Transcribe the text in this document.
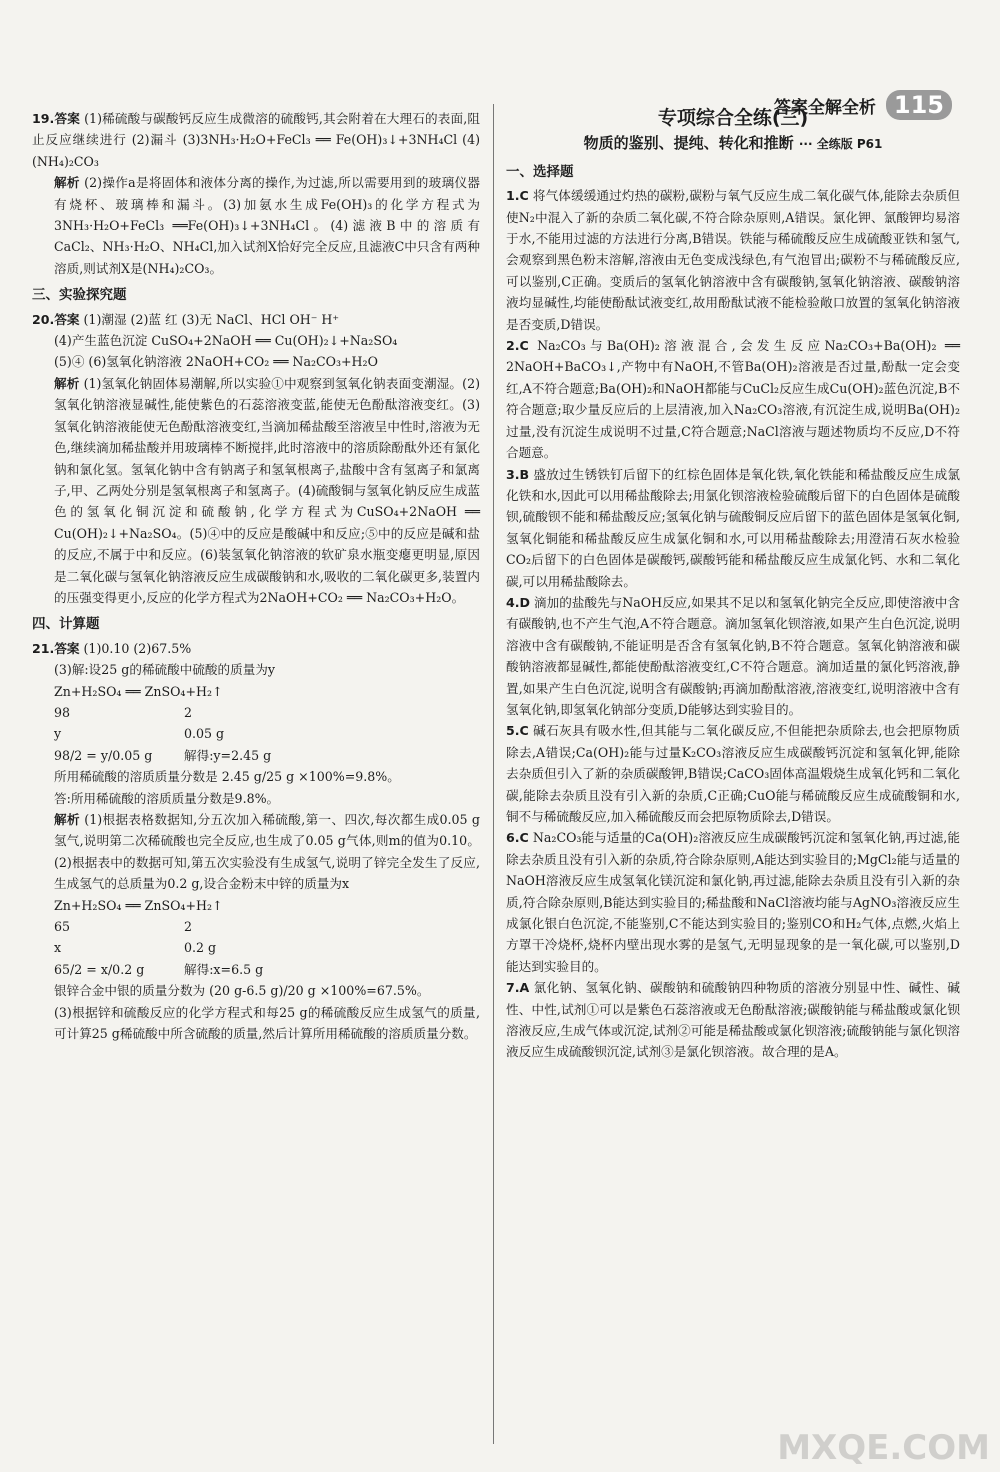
答案全解全析 115

19.答案 (1)稀硫酸与碳酸钙反应生成微溶的硫酸钙,其会附着在大理石的表面,阻止反应继续进行 (2)漏斗 (3)3NH₃·H₂O+FeCl₃ ══ Fe(OH)₃↓+3NH₄Cl (4)(NH₄)₂CO₃

解析 (2)操作a是将固体和液体分离的操作,为过滤,所以需要用到的玻璃仪器有烧杯、玻璃棒和漏斗。(3)加氨水生成Fe(OH)₃的化学方程式为3NH₃·H₂O+FeCl₃ ══Fe(OH)₃↓+3NH₄Cl。(4)滤液B中的溶质有CaCl₂、NH₃·H₂O、NH₄Cl,加入试剂X恰好完全反应,且滤液C中只含有两种溶质,则试剂X是(NH₄)₂CO₃。

三、实验探究题

20.答案 (1)潮湿 (2)蓝 红 (3)无 NaCl、HCl OH⁻ H⁺

(4)产生蓝色沉淀 CuSO₄+2NaOH ══ Cu(OH)₂↓+Na₂SO₄

(5)④ (6)氢氧化钠溶液 2NaOH+CO₂ ══ Na₂CO₃+H₂O

解析 (1)氢氧化钠固体易潮解,所以实验①中观察到氢氧化钠表面变潮湿。(2)氢氧化钠溶液显碱性,能使紫色的石蕊溶液变蓝,能使无色酚酞溶液变红。(3)氢氧化钠溶液能使无色酚酞溶液变红,当滴加稀盐酸至溶液呈中性时,溶液为无色,继续滴加稀盐酸并用玻璃棒不断搅拌,此时溶液中的溶质除酚酞外还有氯化钠和氯化氢。氢氧化钠中含有钠离子和氢氧根离子,盐酸中含有氢离子和氯离子,甲、乙两处分别是氢氧根离子和氢离子。(4)硫酸铜与氢氧化钠反应生成蓝色的氢氧化铜沉淀和硫酸钠,化学方程式为CuSO₄+2NaOH ══ Cu(OH)₂↓+Na₂SO₄。(5)④中的反应是酸碱中和反应;⑤中的反应是碱和盐的反应,不属于中和反应。(6)装氢氧化钠溶液的软矿泉水瓶变瘪更明显,原因是二氧化碳与氢氧化钠溶液反应生成碳酸钠和水,吸收的二氧化碳更多,装置内的压强变得更小,反应的化学方程式为2NaOH+CO₂ ══ Na₂CO₃+H₂O。

四、计算题

21.答案 (1)0.10 (2)67.5%

(3)解:设25 g的稀硫酸中硫酸的质量为y

Zn+H₂SO₄ ══ ZnSO₄+H₂↑

98	2
y	0.05 g
98/2 = y/0.05 g	解得:y=2.45 g

所用稀硫酸的溶质质量分数是 2.45 g/25 g ×100%=9.8%。

答:所用稀硫酸的溶质质量分数是9.8%。

解析 (1)根据表格数据知,分五次加入稀硫酸,第一、四次,每次都生成0.05 g氢气,说明第二次稀硫酸也完全反应,也生成了0.05 g气体,则m的值为0.10。(2)根据表中的数据可知,第五次实验没有生成氢气,说明了锌完全发生了反应,生成氢气的总质量为0.2 g,设合金粉末中锌的质量为x

Zn+H₂SO₄ ══ ZnSO₄+H₂↑

65	2
x	0.2 g
65/2 = x/0.2 g	解得:x=6.5 g

银锌合金中银的质量分数为 (20 g-6.5 g)/20 g ×100%=67.5%。

(3)根据锌和硫酸反应的化学方程式和每25 g的稀硫酸反应生成氢气的质量,可计算25 g稀硫酸中所含硫酸的质量,然后计算所用稀硫酸的溶质质量分数。

专项综合全练(三)
物质的鉴别、提纯、转化和推断 ··· 全练版 P61
一、选择题

1.C 将气体缓缓通过灼热的碳粉,碳粉与氧气反应生成二氧化碳气体,能除去杂质但使N₂中混入了新的杂质二氧化碳,不符合除杂原则,A错误。氯化钾、氯酸钾均易溶于水,不能用过滤的方法进行分离,B错误。铁能与稀硫酸反应生成硫酸亚铁和氢气,会观察到黑色粉末溶解,溶液由无色变成浅绿色,有气泡冒出;碳粉不与稀硫酸反应,可以鉴别,C正确。变质后的氢氧化钠溶液中含有碳酸钠,氢氧化钠溶液、碳酸钠溶液均显碱性,均能使酚酞试液变红,故用酚酞试液不能检验敞口放置的氢氧化钠溶液是否变质,D错误。

2.C Na₂CO₃与Ba(OH)₂溶液混合,会发生反应Na₂CO₃+Ba(OH)₂ ══ 2NaOH+BaCO₃↓,产物中有NaOH,不管Ba(OH)₂溶液是否过量,酚酞一定会变红,A不符合题意;Ba(OH)₂和NaOH都能与CuCl₂反应生成Cu(OH)₂蓝色沉淀,B不符合题意;取少量反应后的上层清液,加入Na₂CO₃溶液,有沉淀生成,说明Ba(OH)₂过量,没有沉淀生成说明不过量,C符合题意;NaCl溶液与题述物质均不反应,D不符合题意。

3.B 盛放过生锈铁钉后留下的红棕色固体是氧化铁,氧化铁能和稀盐酸反应生成氯化铁和水,因此可以用稀盐酸除去;用氯化钡溶液检验硫酸后留下的白色固体是硫酸钡,硫酸钡不能和稀盐酸反应;氢氧化钠与硫酸铜反应后留下的蓝色固体是氢氧化铜,氢氧化铜能和稀盐酸反应生成氯化铜和水,可以用稀盐酸除去;用澄清石灰水检验CO₂后留下的白色固体是碳酸钙,碳酸钙能和稀盐酸反应生成氯化钙、水和二氧化碳,可以用稀盐酸除去。

4.D 滴加的盐酸先与NaOH反应,如果其不足以和氢氧化钠完全反应,即使溶液中含有碳酸钠,也不产生气泡,A不符合题意。滴加氢氧化钡溶液,如果产生白色沉淀,说明溶液中含有碳酸钠,不能证明是否含有氢氧化钠,B不符合题意。氢氧化钠溶液和碳酸钠溶液都显碱性,都能使酚酞溶液变红,C不符合题意。滴加适量的氯化钙溶液,静置,如果产生白色沉淀,说明含有碳酸钠;再滴加酚酞溶液,溶液变红,说明溶液中含有氢氧化钠,即氢氧化钠部分变质,D能够达到实验目的。

5.C 碱石灰具有吸水性,但其能与二氧化碳反应,不但能把杂质除去,也会把原物质除去,A错误;Ca(OH)₂能与过量K₂CO₃溶液反应生成碳酸钙沉淀和氢氧化钾,能除去杂质但引入了新的杂质碳酸钾,B错误;CaCO₃固体高温煅烧生成氧化钙和二氧化碳,能除去杂质且没有引入新的杂质,C正确;CuO能与稀硫酸反应生成硫酸铜和水,铜不与稀硫酸反应,加入稀硫酸反而会把原物质除去,D错误。

6.C Na₂CO₃能与适量的Ca(OH)₂溶液反应生成碳酸钙沉淀和氢氧化钠,再过滤,能除去杂质且没有引入新的杂质,符合除杂原则,A能达到实验目的;MgCl₂能与适量的NaOH溶液反应生成氢氧化镁沉淀和氯化钠,再过滤,能除去杂质且没有引入新的杂质,符合除杂原则,B能达到实验目的;稀盐酸和NaCl溶液均能与AgNO₃溶液反应生成氯化银白色沉淀,不能鉴别,C不能达到实验目的;鉴别CO和H₂气体,点燃,火焰上方罩干冷烧杯,烧杯内壁出现水雾的是氢气,无明显现象的是一氧化碳,可以鉴别,D能达到实验目的。

7.A 氯化钠、氢氧化钠、碳酸钠和硫酸钠四种物质的溶液分别显中性、碱性、碱性、中性,试剂①可以是紫色石蕊溶液或无色酚酞溶液;碳酸钠能与稀盐酸或氯化钡溶液反应,生成气体或沉淀,试剂②可能是稀盐酸或氯化钡溶液;硫酸钠能与氯化钡溶液反应生成硫酸钡沉淀,试剂③是氯化钡溶液。故合理的是A。

MXQE.COM
